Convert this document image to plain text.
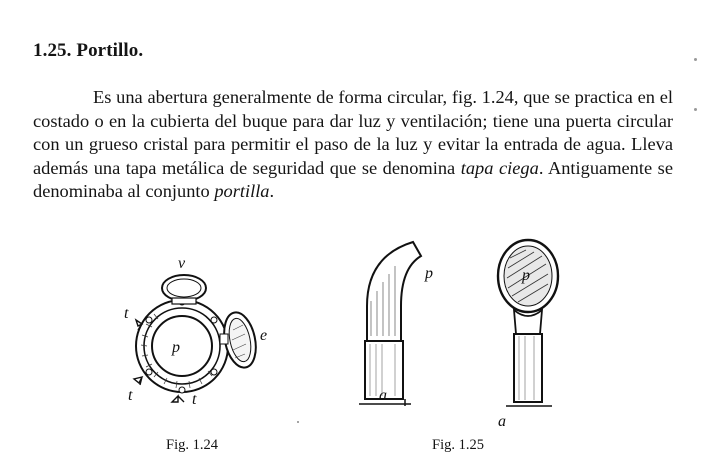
1.25. Portillo.

Es una abertura generalmente de forma circular, fig. 1.24, que se practica en el costado o en la cubierta del buque para dar luz y ventilación; tiene una puerta circular con un grueso cristal para permitir el paso de la luz y evitar la entrada de agua. Lleva además una tapa metálica de seguridad que se denomina tapa ciega. Antiguamente se denominaba al conjunto portilla.

v
t
t	t
p
e
p
a
p
a
Fig. 1.24	Fig. 1.25
